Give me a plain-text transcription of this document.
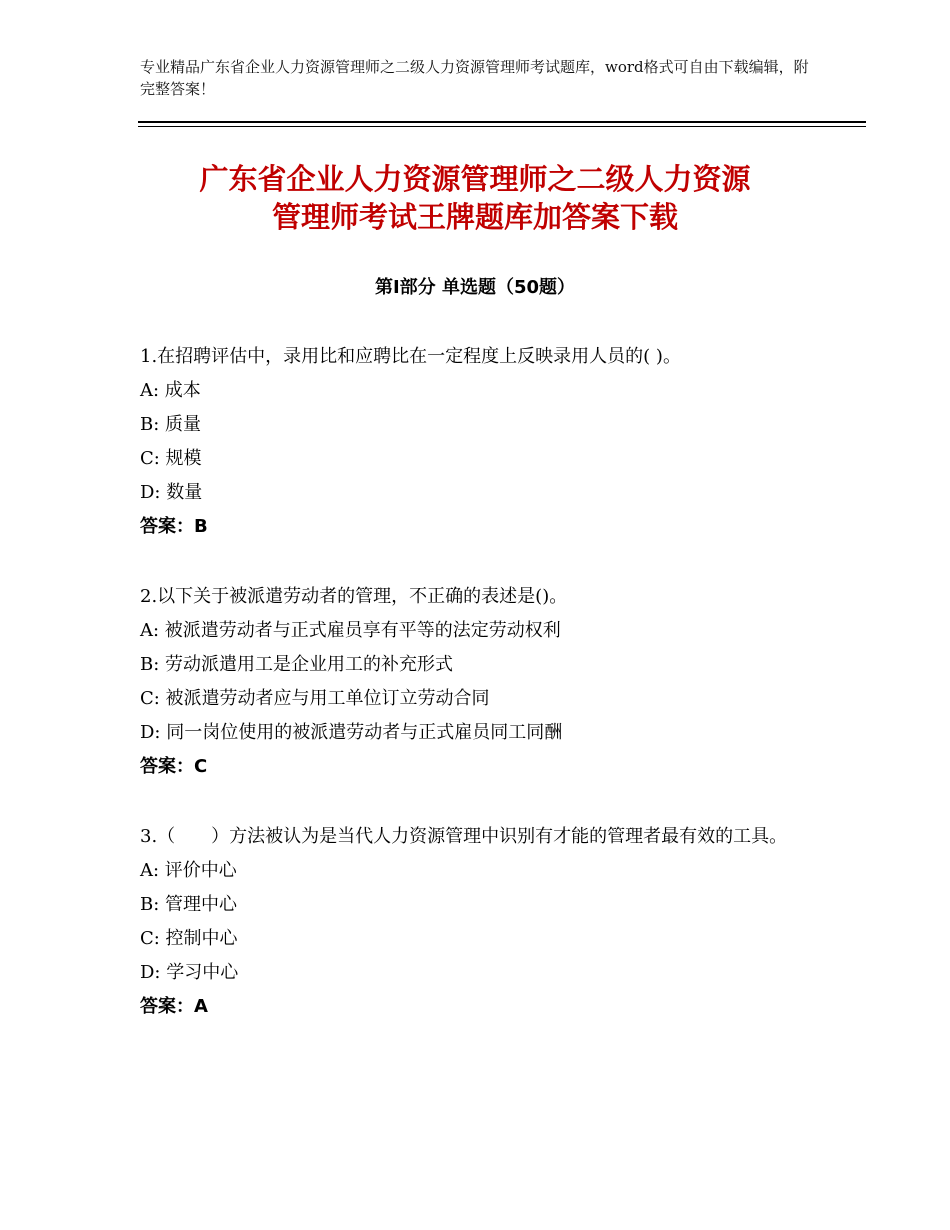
专业精品广东省企业人力资源管理师之二级人力资源管理师考试题库，word格式可自由下载编辑，附完整答案！
广东省企业人力资源管理师之二级人力资源
管理师考试王牌题库加答案下载
第Ⅰ部分 单选题（50题）

1.在招聘评估中，录用比和应聘比在一定程度上反映录用人员的( )。

A: 成本

B: 质量

C: 规模

D: 数量

答案：B

2.以下关于被派遣劳动者的管理，不正确的表述是()。

A: 被派遣劳动者与正式雇员享有平等的法定劳动权利

B: 劳动派遣用工是企业用工的补充形式

C: 被派遣劳动者应与用工单位订立劳动合同

D: 同一岗位使用的被派遣劳动者与正式雇员同工同酬

答案：C

3.（　　）方法被认为是当代人力资源管理中识别有才能的管理者最有效的工具。

A: 评价中心

B: 管理中心

C: 控制中心

D: 学习中心

答案：A
